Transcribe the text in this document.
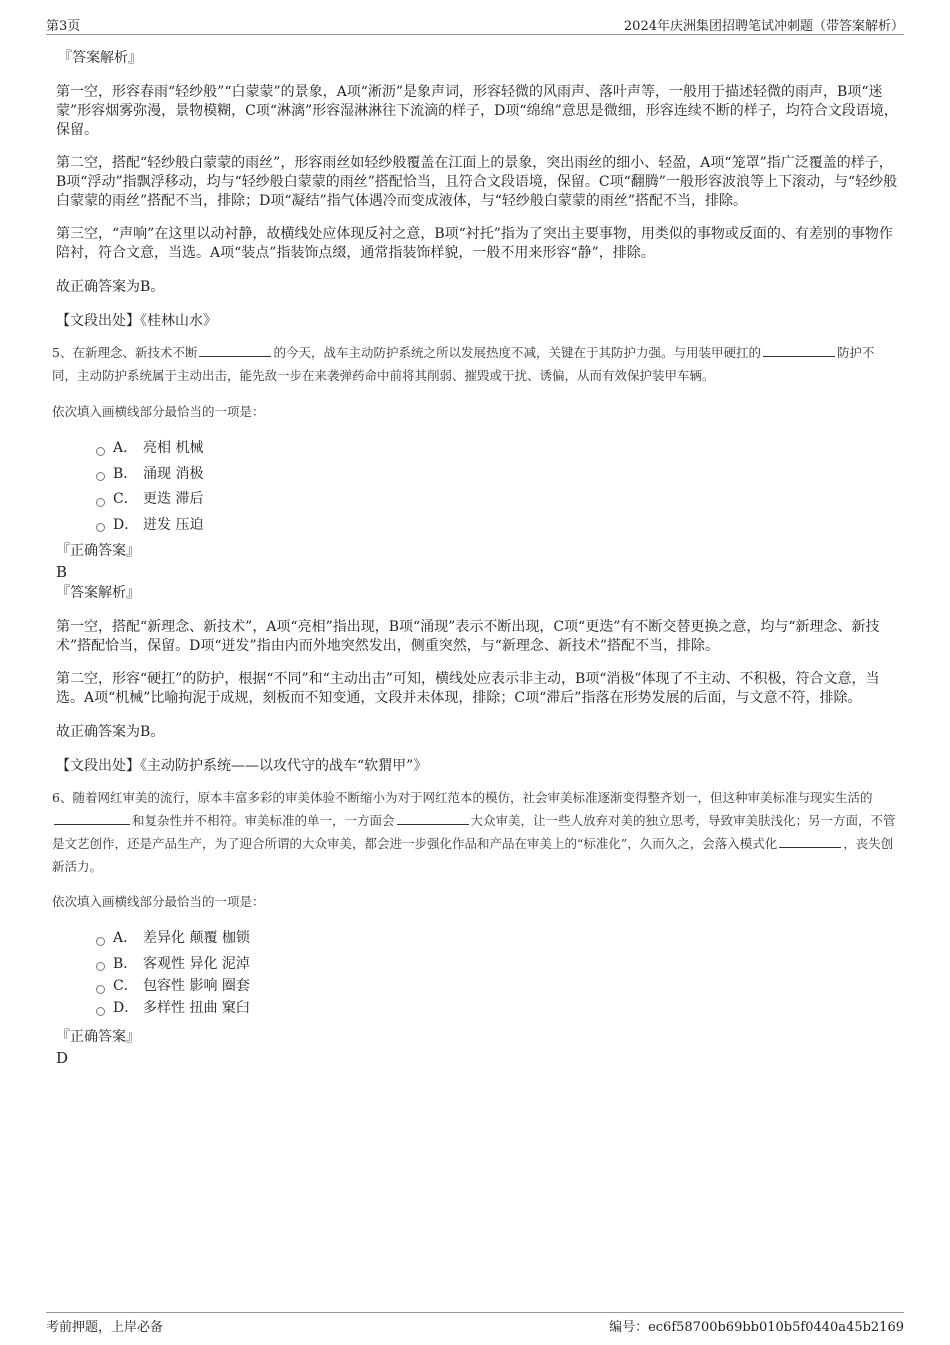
第3页	2024年庆洲集团招聘笔试冲刺题（带答案解析）

『答案解析』

第一空，形容春雨“轻纱般”“白蒙蒙”的景象，A项“淅沥”是象声词，形容轻微的风雨声、落叶声等，一般用于描述轻微的雨声，B项“迷蒙”形容烟雾弥漫，景物模糊，C项“淋漓”形容湿淋淋往下流滴的样子，D项“绵绵”意思是微细，形容连续不断的样子，均符合文段语境，保留。

第二空，搭配“轻纱般白蒙蒙的雨丝”，形容雨丝如轻纱般覆盖在江面上的景象，突出雨丝的细小、轻盈，A项“笼罩”指广泛覆盖的样子，B项“浮动”指飘浮移动，均与“轻纱般白蒙蒙的雨丝”搭配恰当，且符合文段语境，保留。C项“翻腾”一般形容波浪等上下滚动，与“轻纱般白蒙蒙的雨丝”搭配不当，排除；D项“凝结”指气体遇冷而变成液体，与“轻纱般白蒙蒙的雨丝”搭配不当，排除。

第三空，“声响”在这里以动衬静，故横线处应体现反衬之意，B项“衬托”指为了突出主要事物，用类似的事物或反面的、有差别的事物作陪衬，符合文意，当选。A项“装点”指装饰点缀，通常指装饰样貌，一般不用来形容“静”，排除。

故正确答案为B。

【文段出处】《桂林山水》

5、在新理念、新技术不断	的今天，战车主动防护系统之所以发展热度不减，关键在于其防护力强。与用装甲硬扛的	防护不同，主动防护系统属于主动出击，能先敌一步在来袭弹药命中前将其削弱、摧毁或干扰、诱偏，从而有效保护装甲车辆。

依次填入画横线部分最恰当的一项是：

A． 亮相 机械
B． 涌现 消极
C． 更迭 滞后
D． 迸发 压迫

『正确答案』

B

『答案解析』

第一空，搭配“新理念、新技术”，A项“亮相”指出现，B项“涌现”表示不断出现，C项“更迭”有不断交替更换之意，均与“新理念、新技术”搭配恰当，保留。D项“迸发”指由内而外地突然发出，侧重突然，与“新理念、新技术”搭配不当，排除。

第二空，形容“硬扛”的防护，根据“不同”和“主动出击”可知，横线处应表示非主动，B项“消极”体现了不主动、不积极，符合文意，当选。A项“机械”比喻拘泥于成规，刻板而不知变通，文段并未体现，排除；C项“滞后”指落在形势发展的后面，与文意不符，排除。

故正确答案为B。

【文段出处】《主动防护系统——以攻代守的战车“软猬甲”》

6、随着网红审美的流行，原本丰富多彩的审美体验不断缩小为对于网红范本的模仿，社会审美标准逐渐变得整齐划一，但这种审美标准与现实生活的和复杂性并不相符。审美标准的单一，一方面会	大众审美，让一些人放弃对美的独立思考，导致审美肤浅化；另一方面，不管是文艺创作，还是产品生产，为了迎合所谓的大众审美，都会进一步强化作品和产品在审美上的“标准化”，久而久之，会落入模式化	，丧失创新活力。

依次填入画横线部分最恰当的一项是：

A． 差异化 颠覆 枷锁
B． 客观性 异化 泥淖
C． 包容性 影响 圈套
D． 多样性 扭曲 窠臼

『正确答案』

D

考前押题，上岸必备	编号：ec6f58700b69bb010b5f0440a45b2169
